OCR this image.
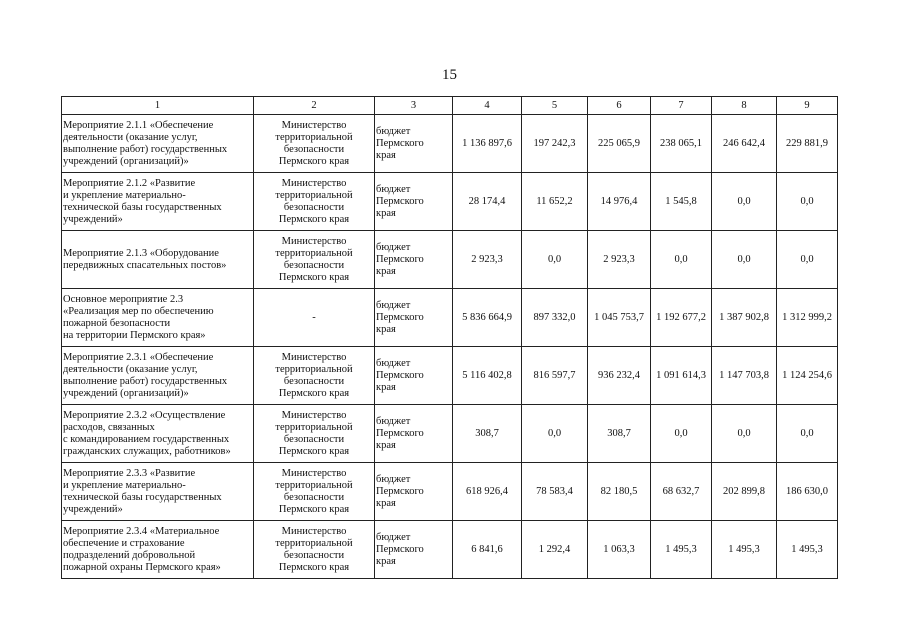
15
1	2	3	4	5	6	7	8	9

Мероприятие 2.1.1 «Обеспечение
деятельности (оказание услуг,
выполнение работ) государственных
учреждений (организаций)»	Министерство
территориальной
безопасности
Пермского края	бюджет
Пермского
края	1 136 897,6	197 242,3	225 065,9	238 065,1	246 642,4	229 881,9

Мероприятие 2.1.2 «Развитие
и укрепление материально-
технической базы государственных
учреждений»	Министерство
территориальной
безопасности
Пермского края	бюджет
Пермского
края	28 174,4	11 652,2	14 976,4	1 545,8	0,0	0,0

Мероприятие 2.1.3 «Оборудование
передвижных спасательных постов»	Министерство
территориальной
безопасности
Пермского края	бюджет
Пермского
края	2 923,3	0,0	2 923,3	0,0	0,0	0,0

Основное мероприятие 2.3
«Реализация мер по обеспечению
пожарной безопасности
на территории Пермского края»	-	бюджет
Пермского
края	5 836 664,9	897 332,0	1 045 753,7	1 192 677,2	1 387 902,8	1 312 999,2

Мероприятие 2.3.1 «Обеспечение
деятельности (оказание услуг,
выполнение работ) государственных
учреждений (организаций)»	Министерство
территориальной
безопасности
Пермского края	бюджет
Пермского
края	5 116 402,8	816 597,7	936 232,4	1 091 614,3	1 147 703,8	1 124 254,6

Мероприятие 2.3.2 «Осуществление
расходов, связанных
с командированием государственных
гражданских служащих, работников»	Министерство
территориальной
безопасности
Пермского края	бюджет
Пермского
края	308,7	0,0	308,7	0,0	0,0	0,0

Мероприятие 2.3.3 «Развитие
и укрепление материально-
технической базы государственных
учреждений»	Министерство
территориальной
безопасности
Пермского края	бюджет
Пермского
края	618 926,4	78 583,4	82 180,5	68 632,7	202 899,8	186 630,0

Мероприятие 2.3.4 «Материальное
обеспечение и страхование
подразделений добровольной
пожарной охраны Пермского края»	Министерство
территориальной
безопасности
Пермского края	бюджет
Пермского
края	6 841,6	1 292,4	1 063,3	1 495,3	1 495,3	1 495,3
